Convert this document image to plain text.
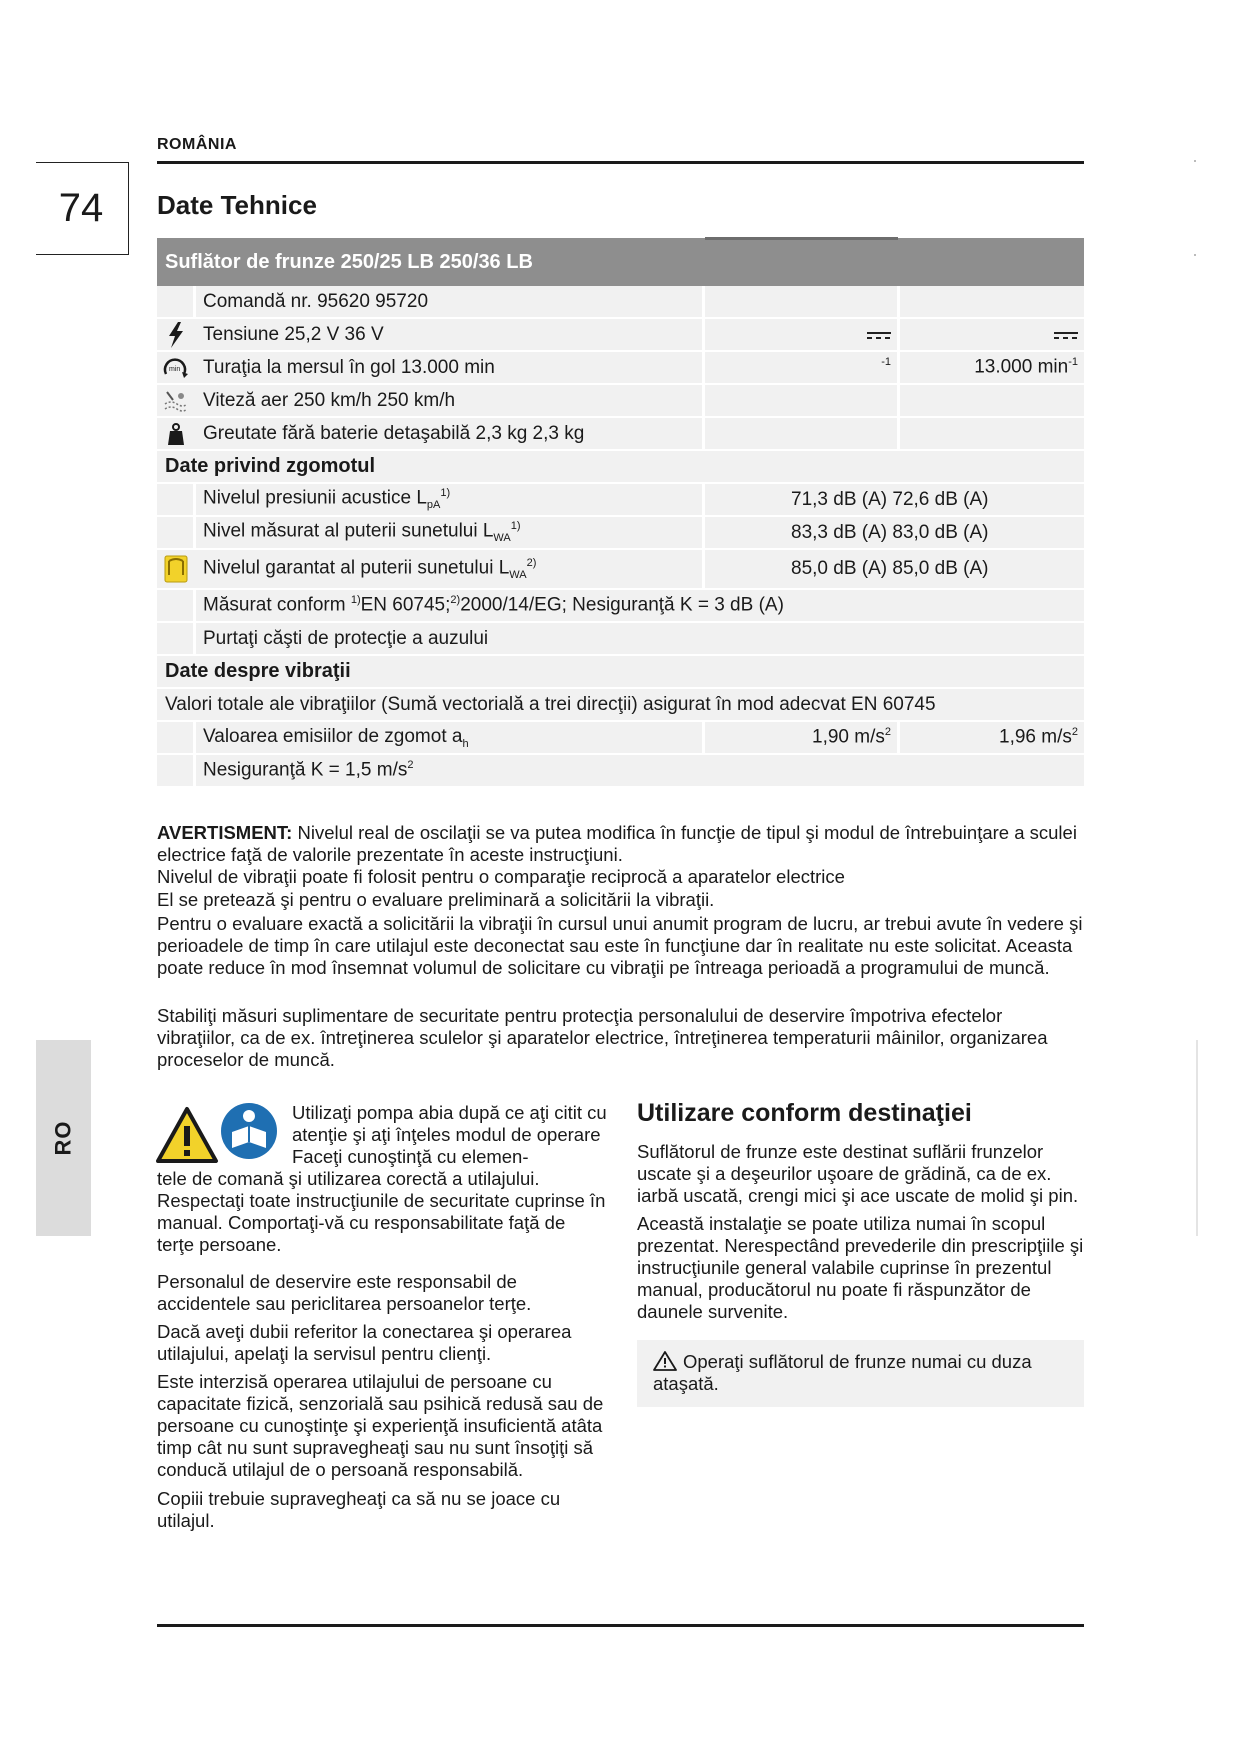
ROMÂNIA
74	Date Tehnice
RO
Suflător de frunze 250/25 LB 250/36 LB
Comandă nr. 95620 95720
Tensiune 25,2 V 36 V
min Turaţia la mersul în gol 13.000 min	$^{-1}$	13.000 $\min^{-1}$
Viteză aer 250 km/h 250 km/h
Greutate fără baterie detaşabilă 2,3 kg 2,3 kg
Date privind zgomotul
Nivelul presiunii acustice $L_{pA}^{1)}$	71,3 dB (A) 72,6 dB (A)
Nivel măsurat al puterii sunetului $L_{WA}^{1)}$	83,3 dB (A) 83,0 dB (A)
Nivelul garantat al puterii sunetului $L_{WA}^{2)}$	85,0 dB (A) 85,0 dB (A)
Măsurat conform $^{1)}$EN 60745;$^{2)}$2000/14/EG; Nesiguranţă K = 3 dB (A)
Purtaţi căşti de protecţie a auzului
Date despre vibraţii
Valori totale ale vibraţiilor (Sumă vectorială a trei direcţii) asigurat în mod adecvat EN 60745
Valoarea emisiilor de zgomot $a_h$	1,90 $m/s^2$	1,96 $m/s^2$
Nesiguranţă K = 1,5 $m/s^2$
AVERTISMENT: Nivelul real de oscilaţii se va putea modifica în funcţie de tipul şi modul de întrebuinţare a sculei electrice faţă de valorile prezentate în aceste instrucţiuni.
Nivelul de vibraţii poate fi folosit pentru o comparaţie reciprocă a aparatelor electrice
El se pretează şi pentru o evaluare preliminară a solicitării la vibraţii.
Pentru o evaluare exactă a solicitării la vibraţii în cursul unui anumit program de lucru, ar trebui avute în vedere şi perioadele de timp în care utilajul este deconectat sau este în funcţiune dar în realitate nu este solicitat. Aceasta poate reduce în mod însemnat volumul de solicitare cu vibraţii pe întreaga perioadă a programului de muncă.
Stabiliţi măsuri suplimentare de securitate pentru protecţia personalului de deservire împotriva efectelor vibraţiilor, ca de ex. întreţinerea sculelor şi aparatelor electrice, întreţinerea temperaturii mâinilor, organizarea proceselor de muncă.
Utilizaţi pompa abia după ce aţi citit cu atenţie şi aţi înţeles modul de operare Faceţi cunoştinţă cu elemen-
tele de comană şi utilizarea corectă a utilajului. Respectaţi toate instrucţiunile de securitate cuprinse în manual. Comportaţi-vă cu responsabilitate faţă de terţe persoane.
Personalul de deservire este responsabil de accidentele sau periclitarea persoanelor terţe.
Dacă aveţi dubii referitor la conectarea şi operarea utilajului, apelaţi la servisul pentru clienţi.
Este interzisă operarea utilajului de persoane cu capacitate fizică, senzorială sau psihică redusă sau de persoane cu cunoştinţe şi experienţă insuficientă atâta timp cât nu sunt supravegheaţi sau nu sunt însoţiţi să conducă utilajul de o persoană responsabilă.
Copiii trebuie supravegheaţi ca să nu se joace cu utilajul.
Utilizare conform destinaţiei
Suflătorul de frunze este destinat suflării frunzelor uscate şi a deşeurilor uşoare de grădină, ca de ex. iarbă uscată, crengi mici şi ace uscate de molid şi pin.
Această instalaţie se poate utiliza numai în scopul prezentat. Nerespectând prevederile din prescripţiile şi instrucţiunile general valabile cuprinse în prezentul manual, producătorul nu poate fi răspunzător de daunele survenite.
Operaţi suflătorul de frunze numai cu duza ataşată.
